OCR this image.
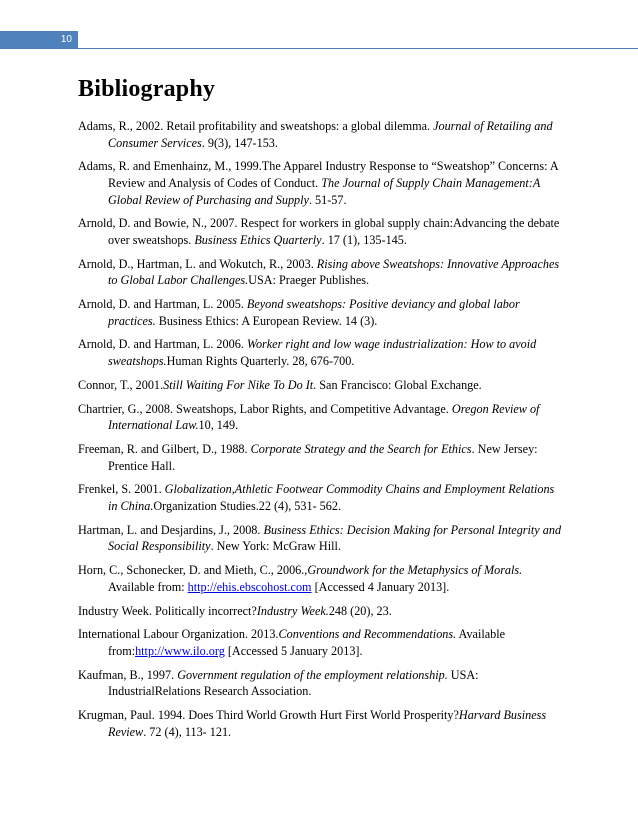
10
Bibliography
Adams, R., 2002. Retail profitability and sweatshops: a global dilemma. Journal of Retailing and Consumer Services. 9(3), 147-153.
Adams, R. and Emenhainz, M., 1999.The Apparel Industry Response to “Sweatshop” Concerns: A Review and Analysis of Codes of Conduct. The Journal of Supply Chain Management:A Global Review of Purchasing and Supply. 51-57.
Arnold, D. and Bowie, N., 2007. Respect for workers in global supply chain:Advancing the debate over sweatshops. Business Ethics Quarterly. 17 (1), 135-145.
Arnold, D., Hartman, L. and Wokutch, R., 2003. Rising above Sweatshops: Innovative Approaches to Global Labor Challenges.USA: Praeger Publishes.
Arnold, D. and Hartman, L. 2005. Beyond sweatshops: Positive deviancy and global labor practices. Business Ethics: A European Review. 14 (3).
Arnold, D. and Hartman, L. 2006. Worker right and low wage industrialization: How to avoid sweatshops.Human Rights Quarterly. 28, 676-700.
Connor, T., 2001.Still Waiting For Nike To Do It. San Francisco: Global Exchange.
Chartrier, G., 2008. Sweatshops, Labor Rights, and Competitive Advantage. Oregon Review of International Law.10, 149.
Freeman, R. and Gilbert, D., 1988. Corporate Strategy and the Search for Ethics. New Jersey: Prentice Hall.
Frenkel, S. 2001. Globalization,Athletic Footwear Commodity Chains and Employment Relations in China.Organization Studies.22 (4), 531- 562.
Hartman, L. and Desjardins, J., 2008. Business Ethics: Decision Making for Personal Integrity and Social Responsibility. New York: McGraw Hill.
Horn, C., Schonecker, D. and Mieth, C., 2006.,Groundwork for the Metaphysics of Morals. Available from: http://ehis.ebscohost.com [Accessed 4 January 2013].
Industry Week. Politically incorrect?Industry Week.248 (20), 23.
International Labour Organization. 2013.Conventions and Recommendations. Available from:http://www.ilo.org [Accessed 5 January 2013].
Kaufman, B., 1997. Government regulation of the employment relationship. USA: IndustrialRelations Research Association.
Krugman, Paul. 1994. Does Third World Growth Hurt First World Prosperity?Harvard Business Review. 72 (4), 113- 121.
